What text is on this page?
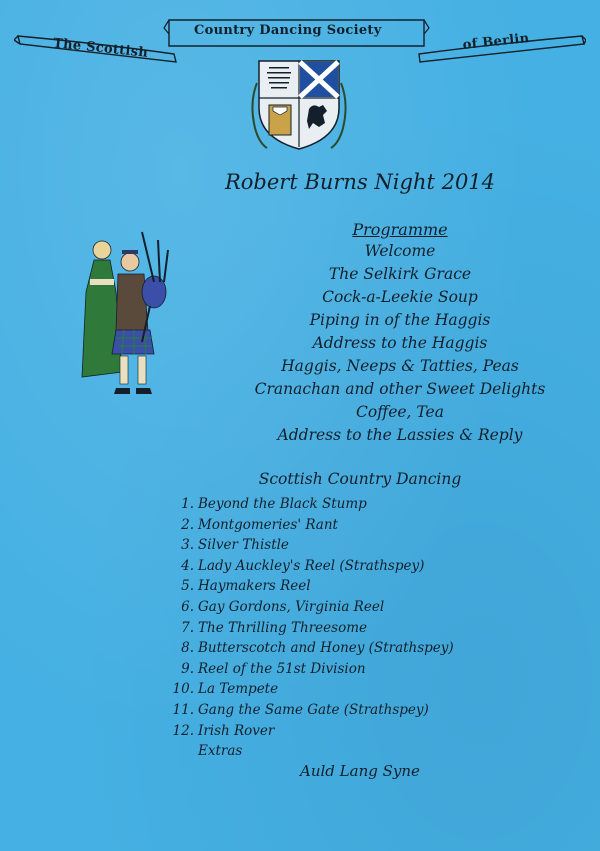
The Scottish
Country Dancing Society
of Berlin
Robert Burns Night 2014
Programme
Welcome
The Selkirk Grace
Cock-a-Leekie Soup
Piping in of the Haggis
Address to the Haggis
Haggis, Neeps & Tatties, Peas
Cranachan and other Sweet Delights
Coffee, Tea
Address to the Lassies & Reply
Scottish Country Dancing
1. Beyond the Black Stump
2. Montgomeries' Rant
3. Silver Thistle
4. Lady Auckley's Reel (Strathspey)
5. Haymakers Reel
6. Gay Gordons, Virginia Reel
7. The Thrilling Threesome
8. Butterscotch and Honey (Strathspey)
9. Reel of the 51st Division
10. La Tempete
11. Gang the Same Gate (Strathspey)
12. Irish Rover
Extras
Auld Lang Syne
